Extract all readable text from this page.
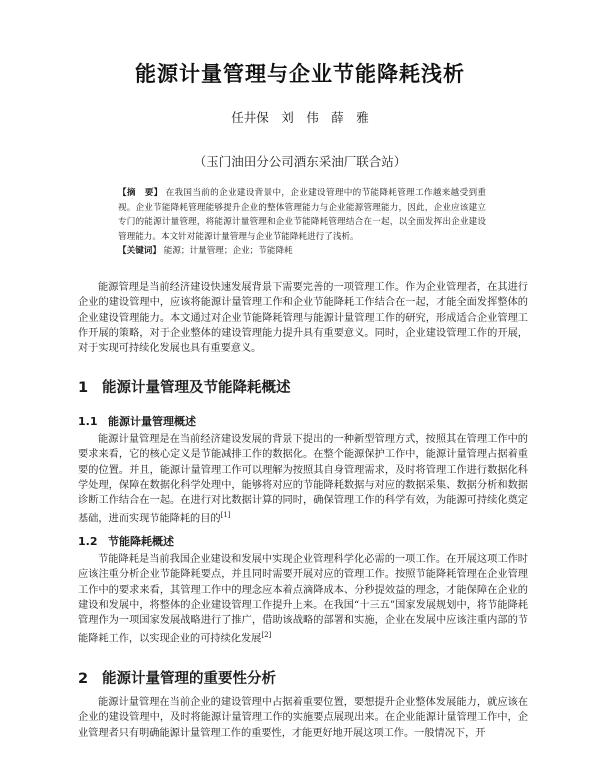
能源计量管理与企业节能降耗浅析
任井保　刘　伟　薛　雅
（玉门油田分公司酒东采油厂联合站）
【摘　要】 在我国当前的企业建设背景中，企业建设管理中的节能降耗管理工作越来越受到重视。企业节能降耗管理能够提升企业的整体管理能力与企业能源管理能力，因此，企业应该建立专门的能源计量管理，将能源计量管理和企业节能降耗管理结合在一起，以全面发挥出企业建设管理能力。本文针对能源计量管理与企业节能降耗进行了浅析。
【关键词】 能源；计量管理；企业；节能降耗
能源管理是当前经济建设快速发展背景下需要完善的一项管理工作。作为企业管理者，在其进行企业的建设管理中，应该将能源计量管理工作和企业节能降耗工作结合在一起，才能全面发挥整体的企业建设管理能力。本文通过对企业节能降耗管理与能源计量管理工作的研究，形成适合企业管理工作开展的策略，对于企业整体的建设管理能力提升具有重要意义。同时，企业建设管理工作的开展，对于实现可持续化发展也具有重要意义。
1 能源计量管理及节能降耗概述
1.1 能源计量管理概述
能源计量管理是在当前经济建设发展的背景下提出的一种新型管理方式，按照其在管理工作中的要求来看，它的核心定义是节能减排工作的数据化。在整个能源保护工作中，能源计量管理占据着重要的位置。并且，能源计量管理工作可以理解为按照其自身管理需求，及时将管理工作进行数据化科学处理，保障在数据化科学处理中，能够将对应的节能降耗数据与对应的数据采集、数据分析和数据诊断工作结合在一起。在进行对比数据计算的同时，确保管理工作的科学有效，为能源可持续化奠定基础，进而实现节能降耗的目的[1]
1.2 节能降耗概述
节能降耗是当前我国企业建设和发展中实现企业管理科学化必需的一项工作。在开展这项工作时应该注重分析企业节能降耗要点，并且同时需要开展对应的管理工作。按照节能降耗管理在企业管理工作中的要求来看，其管理工作中的理念应本着点滴降成本、分秒提效益的理念，才能保障在企业的建设和发展中，将整体的企业建设管理工作提升上来。在我国“十三五”国家发展规划中，将节能降耗管理作为一项国家发展战略进行了推广，借助该战略的部署和实施，企业在发展中应该注重内部的节能降耗工作，以实现企业的可持续化发展[2]
2 能源计量管理的重要性分析
能源计量管理在当前企业的建设管理中占据着重要位置，要想提升企业整体发展能力，就应该在企业的建设管理中，及时将能源计量管理工作的实施要点展现出来。在企业能源计量管理工作中，企业管理者只有明确能源计量管理工作的重要性，才能更好地开展这项工作。一般情况下，开
